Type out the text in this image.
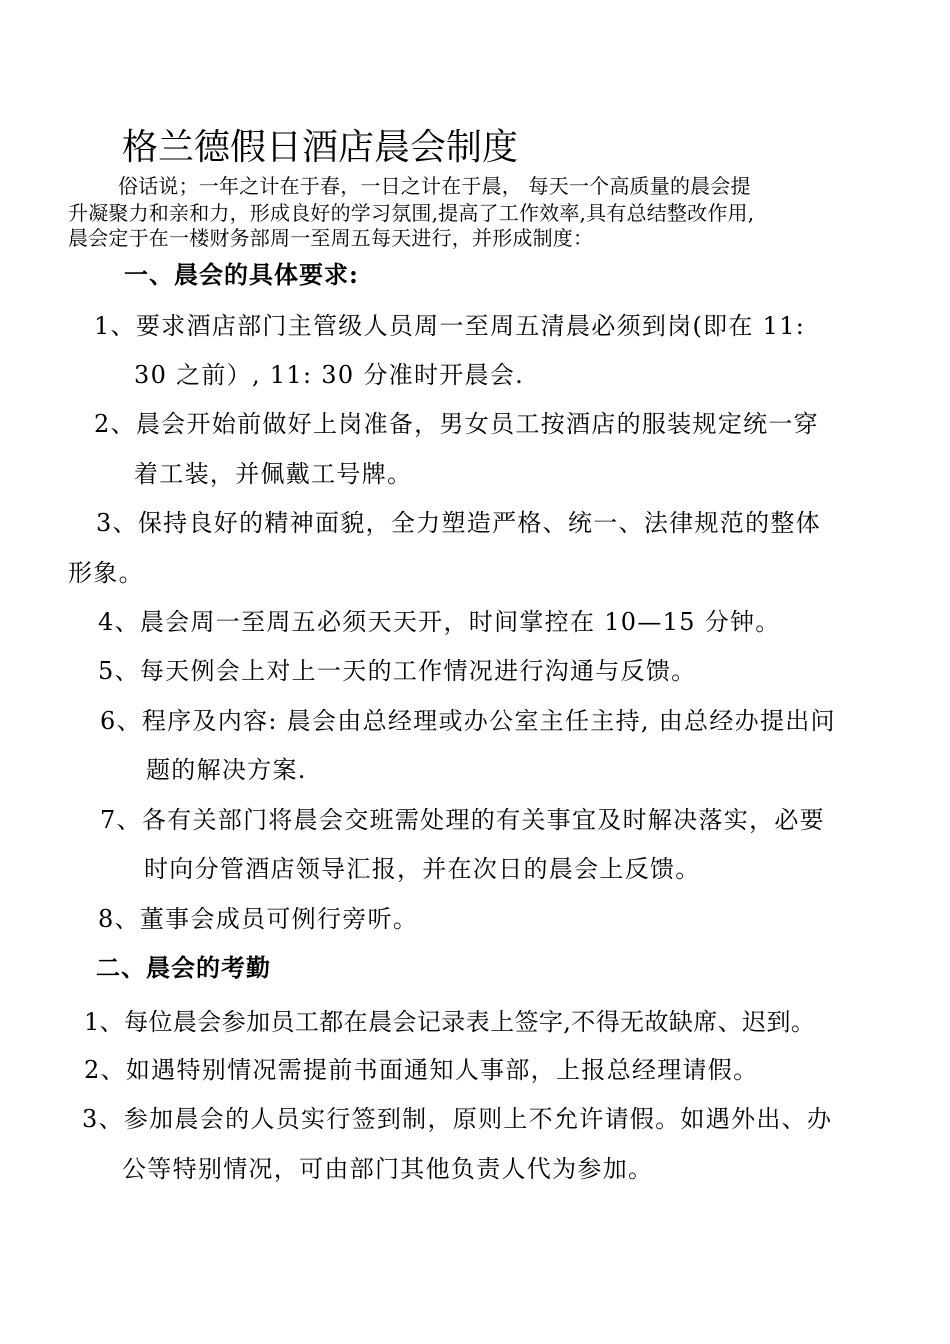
格兰德假日酒店晨会制度
俗话说；一年之计在于春，一日之计在于晨， 每天一个高质量的晨会提
升凝聚力和亲和力，形成良好的学习氛围,提高了工作效率,具有总结整改作用,
晨会定于在一楼财务部周一至周五每天进行，并形成制度：
一、晨会的具体要求:
1、要求酒店部门主管级人员周一至周五清晨必须到岗(即在 11:
30 之前）, 11: 30 分准时开晨会.
2、晨会开始前做好上岗准备，男女员工按酒店的服装规定统一穿
着工装，并佩戴工号牌。
3、保持良好的精神面貌，全力塑造严格、统一、法律规范的整体
形象。
4、晨会周一至周五必须天天开，时间掌控在 10—15 分钟。
5、每天例会上对上一天的工作情况进行沟通与反馈。
6、程序及内容: 晨会由总经理或办公室主任主持, 由总经办提出问
题的解决方案.
7、各有关部门将晨会交班需处理的有关事宜及时解决落实，必要
时向分管酒店领导汇报，并在次日的晨会上反馈。
8、董事会成员可例行旁听。
二、晨会的考勤
1、每位晨会参加员工都在晨会记录表上签字,不得无故缺席、迟到。
2、如遇特别情况需提前书面通知人事部，上报总经理请假。
3、参加晨会的人员实行签到制，原则上不允许请假。如遇外出、办
公等特别情况，可由部门其他负责人代为参加。
